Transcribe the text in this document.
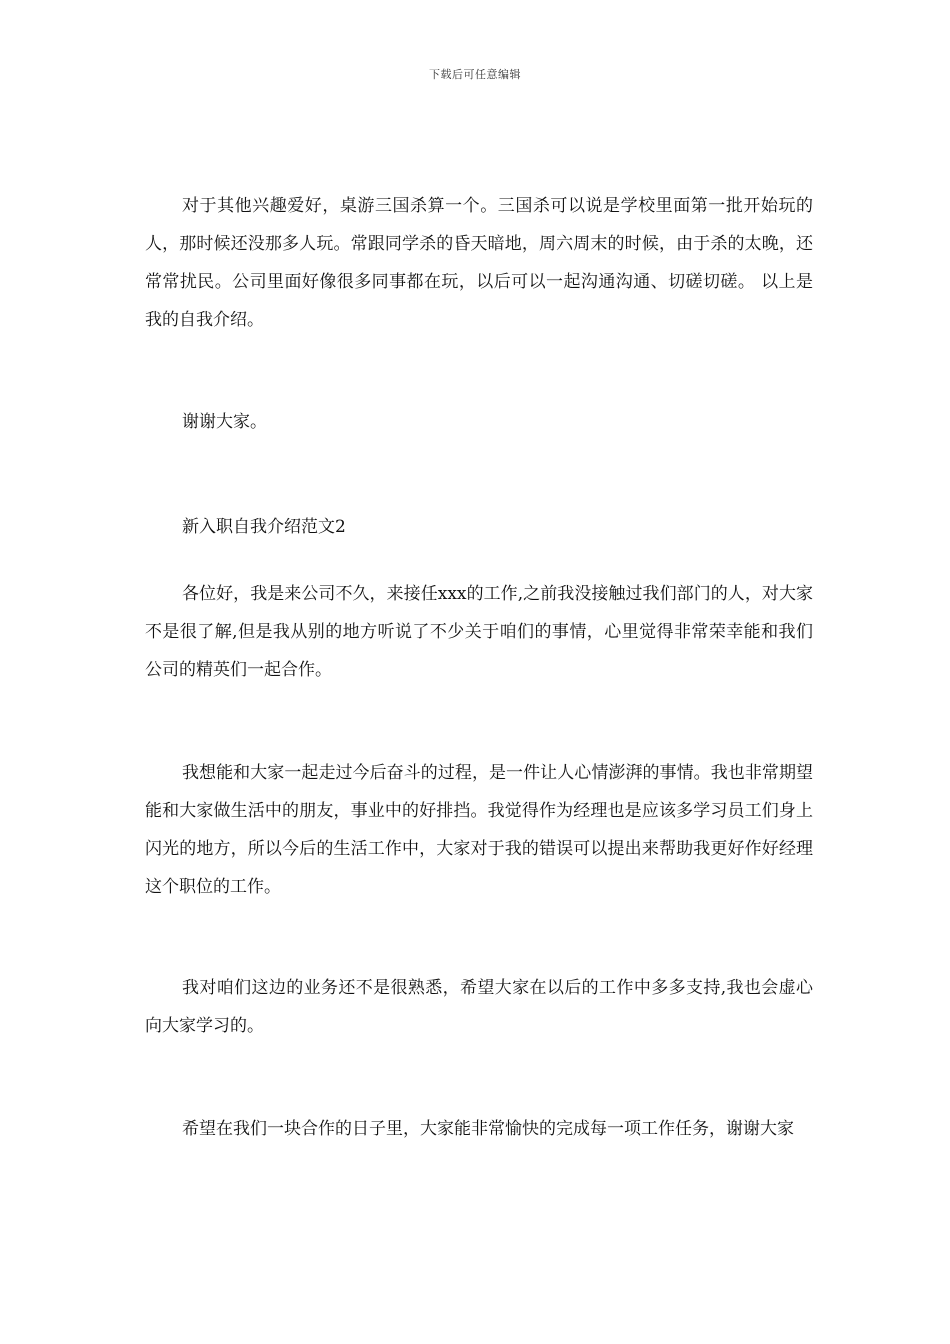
下载后可任意编辑

对于其他兴趣爱好，桌游三国杀算一个。三国杀可以说是学校里面第一批开始玩的人，那时候还没那多人玩。常跟同学杀的昏天暗地，周六周末的时候，由于杀的太晚，还常常扰民。公司里面好像很多同事都在玩，以后可以一起沟通沟通、切磋切磋。 以上是我的自我介绍。

谢谢大家。

新入职自我介绍范文2

各位好，我是来公司不久，来接任xxx的工作,之前我没接触过我们部门的人，对大家不是很了解,但是我从别的地方听说了不少关于咱们的事情，心里觉得非常荣幸能和我们公司的精英们一起合作。

我想能和大家一起走过今后奋斗的过程，是一件让人心情澎湃的事情。我也非常期望能和大家做生活中的朋友，事业中的好排挡。我觉得作为经理也是应该多学习员工们身上闪光的地方，所以今后的生活工作中，大家对于我的错误可以提出来帮助我更好作好经理这个职位的工作。

我对咱们这边的业务还不是很熟悉，希望大家在以后的工作中多多支持,我也会虚心向大家学习的。

希望在我们一块合作的日子里，大家能非常愉快的完成每一项工作任务，谢谢大家
